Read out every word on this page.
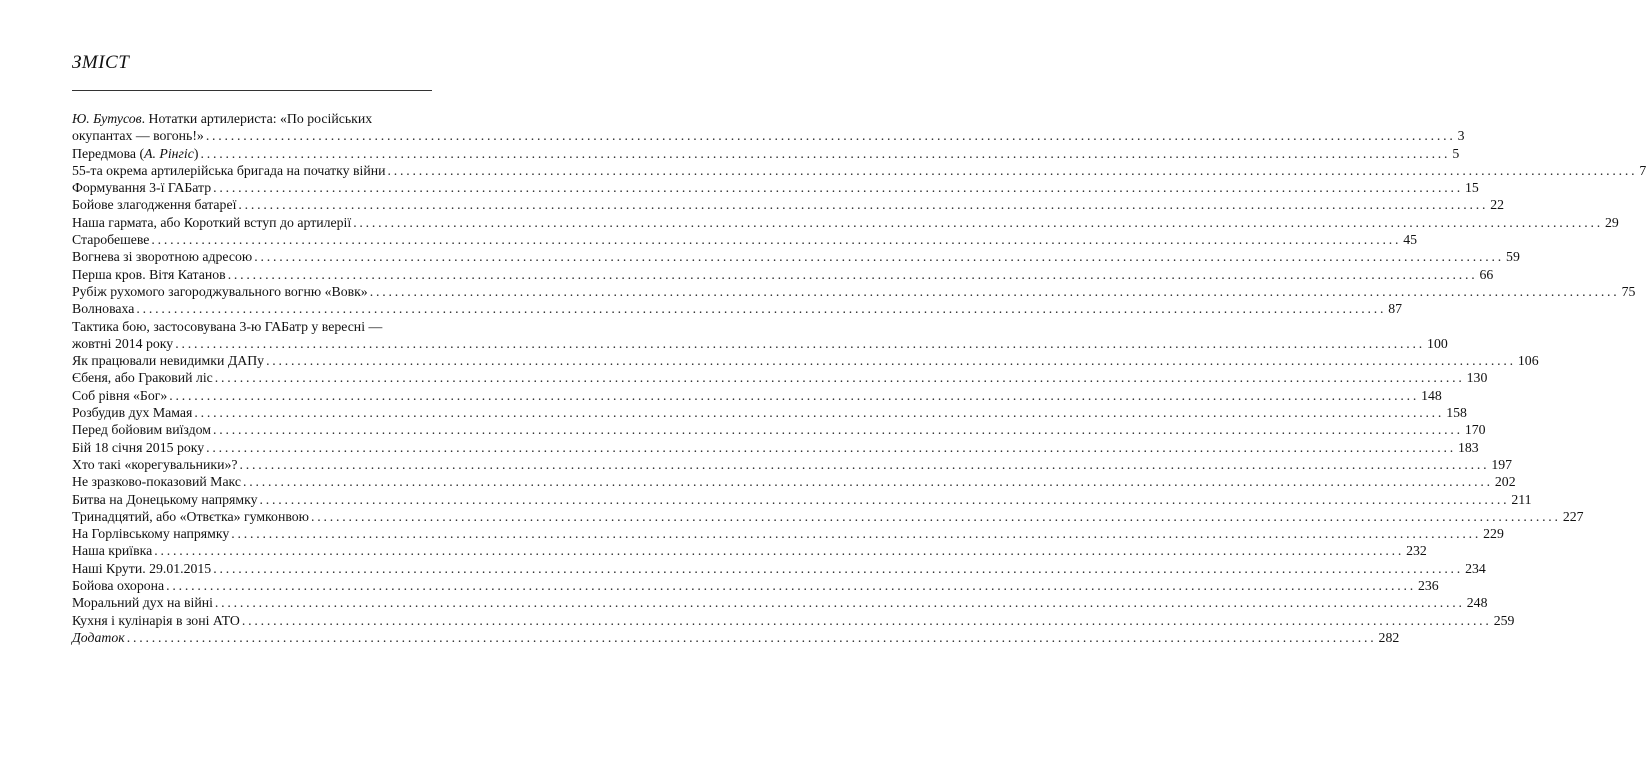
ЗМІСТ
Ю. Бутусов. Нотатки артилериста: «По російських
окупантах — вогонь!» ........................................................................................................................................................................................................ 3
Передмова (А. Рінгіс) ........................................................................................................................................................................................................ 5
55-та окрема артилерійська бригада на початку війни ........................................................................................................................................................................................................ 7
Формування 3-ї ГАБатр ........................................................................................................................................................................................................ 15
Бойове злагодження батареї ........................................................................................................................................................................................................ 22
Наша гармата, або Короткий вступ до артилерії ........................................................................................................................................................................................................ 29
Старобешеве ........................................................................................................................................................................................................ 45
Вогнева зі зворотною адресою ........................................................................................................................................................................................................ 59
Перша кров. Вітя Катанов ........................................................................................................................................................................................................ 66
Рубіж рухомого загороджувального вогню «Вовк» ........................................................................................................................................................................................................ 75
Волноваха ........................................................................................................................................................................................................ 87
Тактика бою, застосовувана 3-ю ГАБатр у вересні —
жовтні 2014 року ........................................................................................................................................................................................................ 100
Як працювали невидимки ДАПу ........................................................................................................................................................................................................ 106
Єбеня, або Граковий ліс ........................................................................................................................................................................................................ 130
Соб рівня «Бог» ........................................................................................................................................................................................................ 148
Розбудив дух Мамая ........................................................................................................................................................................................................ 158
Перед бойовим виїздом ........................................................................................................................................................................................................ 170
Бій 18 січня 2015 року ........................................................................................................................................................................................................ 183
Хто такі «корегувальники»? ........................................................................................................................................................................................................ 197
Не зразково-показовий Макс ........................................................................................................................................................................................................ 202
Битва на Донецькому напрямку ........................................................................................................................................................................................................ 211
Тринадцятий, або «Отвєтка» гумконвою ........................................................................................................................................................................................................ 227
На Горлівському напрямку ........................................................................................................................................................................................................ 229
Наша криївка ........................................................................................................................................................................................................ 232
Наші Крути. 29.01.2015 ........................................................................................................................................................................................................ 234
Бойова охорона ........................................................................................................................................................................................................ 236
Моральний дух на війні ........................................................................................................................................................................................................ 248
Кухня і кулінарія в зоні АТО ........................................................................................................................................................................................................ 259
Додаток ........................................................................................................................................................................................................ 282
